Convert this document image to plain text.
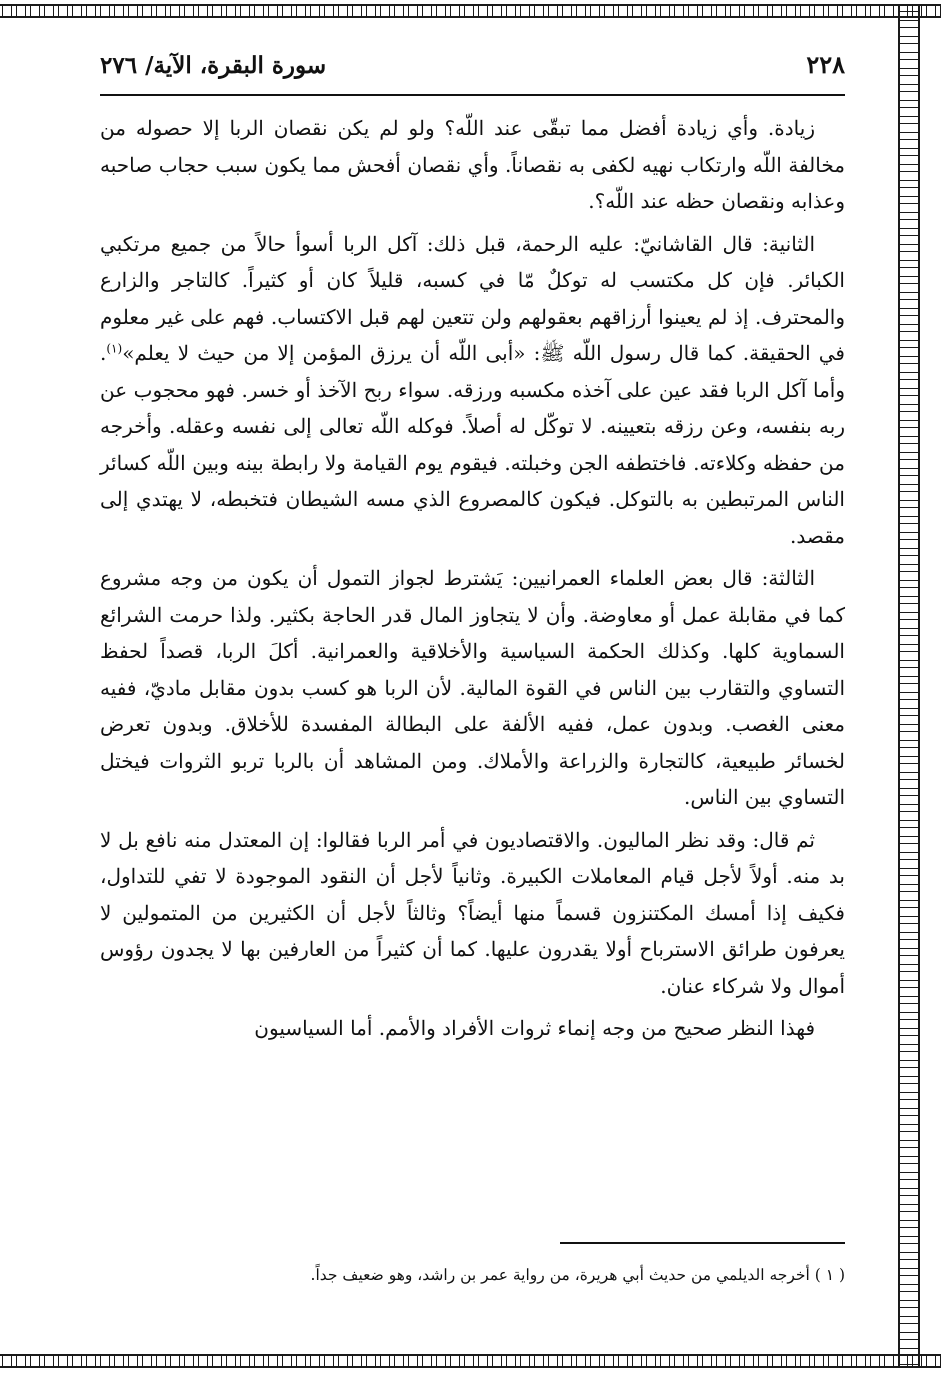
٢٢٨
سورة البقرة، الآية/ ٢٧٦

زيادة. وأي زيادة أفضل مما تبقّى عند اللّه؟ ولو لم يكن نقصان الربا إلا حصوله من مخالفة اللّه وارتكاب نهيه لكفى به نقصاناً. وأي نقصان أفحش مما يكون سبب حجاب صاحبه وعذابه ونقصان حظه عند اللّه؟.

الثانية: قال القاشانيّ: عليه الرحمة، قبل ذلك: آكل الربا أسوأ حالاً من جميع مرتكبي الكبائر. فإن كل مكتسب له توكلٌ مّا في كسبه، قليلاً كان أو كثيراً. كالتاجر والزارع والمحترف. إذ لم يعينوا أرزاقهم بعقولهم ولن تتعين لهم قبل الاكتساب. فهم على غير معلوم في الحقيقة. كما قال رسول اللّه ﷺ: «أبى اللّه أن يرزق المؤمن إلا من حيث لا يعلم»$^{(١)}$. وأما آكل الربا فقد عين على آخذه مكسبه ورزقه. سواء ربح الآخذ أو خسر. فهو محجوب عن ربه بنفسه، وعن رزقه بتعيينه. لا توكّل له أصلاً. فوكله اللّه تعالى إلى نفسه وعقله. وأخرجه من حفظه وكلاءته. فاختطفه الجن وخبلته. فيقوم يوم القيامة ولا رابطة بينه وبين اللّه كسائر الناس المرتبطين به بالتوكل. فيكون كالمصروع الذي مسه الشيطان فتخبطه، لا يهتدي إلى مقصد.

الثالثة: قال بعض العلماء العمرانيين: يَشترط لجواز التمول أن يكون من وجه مشروع كما في مقابلة عمل أو معاوضة. وأن لا يتجاوز المال قدر الحاجة بكثير. ولذا حرمت الشرائع السماوية كلها. وكذلك الحكمة السياسية والأخلاقية والعمرانية. أكلَ الربا، قصداً لحفظ التساوي والتقارب بين الناس في القوة المالية. لأن الربا هو كسب بدون مقابل ماديّ، ففيه معنى الغصب. وبدون عمل، ففيه الألفة على البطالة المفسدة للأخلاق. وبدون تعرض لخسائر طبيعية، كالتجارة والزراعة والأملاك. ومن المشاهد أن بالربا تربو الثروات فيختل التساوي بين الناس.

ثم قال: وقد نظر الماليون. والاقتصاديون في أمر الربا فقالوا: إن المعتدل منه نافع بل لا بد منه. أولاً لأجل قيام المعاملات الكبيرة. وثانياً لأجل أن النقود الموجودة لا تفي للتداول، فكيف إذا أمسك المكتنزون قسماً منها أيضاً؟ وثالثاً لأجل أن الكثيرين من المتمولين لا يعرفون طرائق الاسترباح أولا يقدرون عليها. كما أن كثيراً من العارفين بها لا يجدون رؤوس أموال ولا شركاء عنان.

فهذا النظر صحيح من وجه إنماء ثروات الأفراد والأمم. أما السياسيون

( ١ ) أخرجه الديلمي من حديث أبي هريرة، من رواية عمر بن راشد، وهو ضعيف جداً.
